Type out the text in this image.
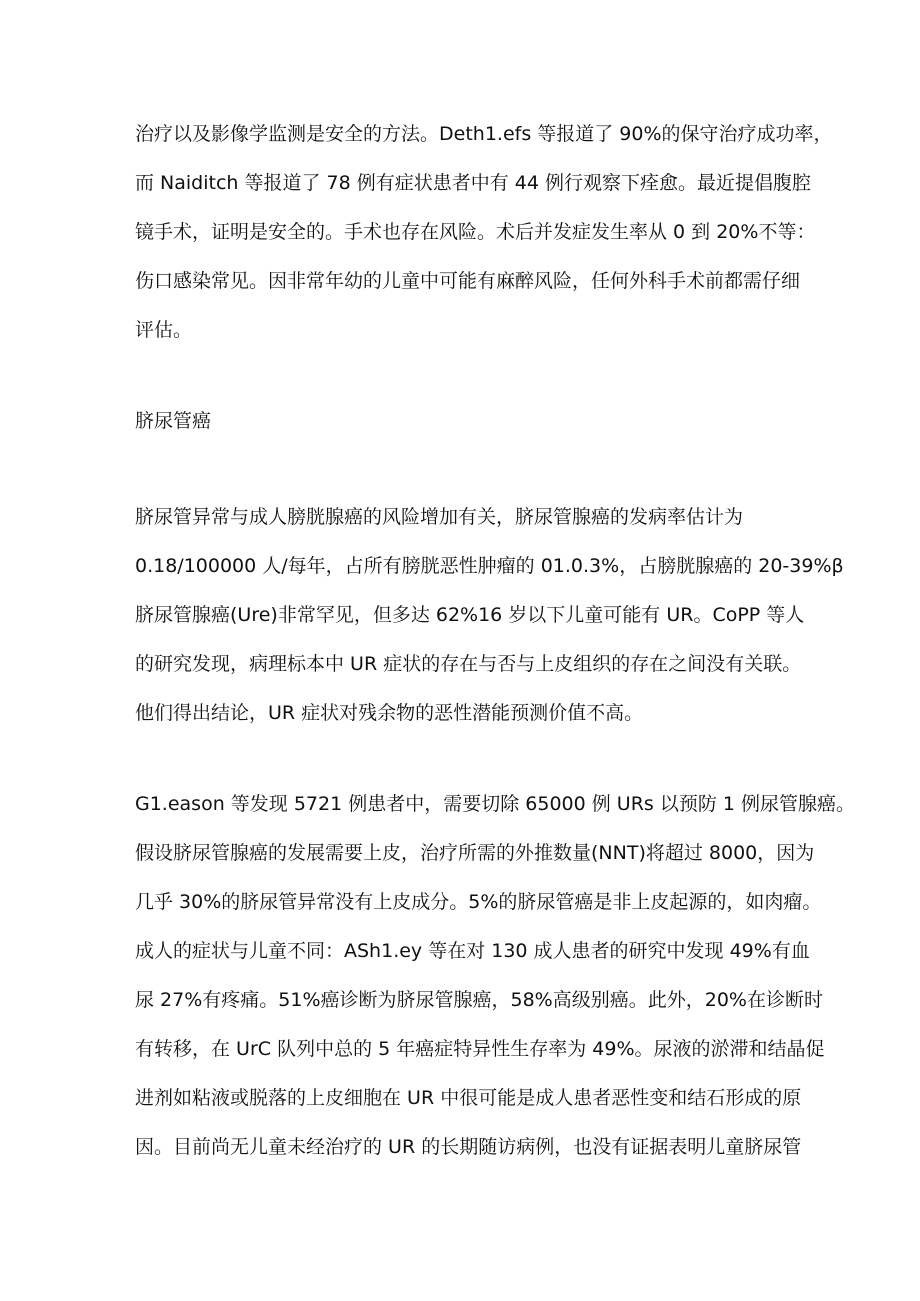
治疗以及影像学监测是安全的方法。Deth1.efs 等报道了 90%的保守治疗成功率，
而 Naiditch 等报道了 78 例有症状患者中有 44 例行观察下痊愈。最近提倡腹腔
镜手术，证明是安全的。手术也存在风险。术后并发症发生率从 0 到 20%不等：
伤口感染常见。因非常年幼的儿童中可能有麻醉风险，任何外科手术前都需仔细
评估。
脐尿管癌
脐尿管异常与成人膀胱腺癌的风险增加有关，脐尿管腺癌的发病率估计为
0.18/100000 人/每年，占所有膀胱恶性肿瘤的 01.0.3%，占膀胱腺癌的 20-39%β
脐尿管腺癌(Ure)非常罕见，但多达 62%16 岁以下儿童可能有 UR。CoPP 等人
的研究发现，病理标本中 UR 症状的存在与否与上皮组织的存在之间没有关联。
他们得出结论，UR 症状对残余物的恶性潜能预测价值不高。
G1.eason 等发现 5721 例患者中，需要切除 65000 例 URs 以预防 1 例尿管腺癌。
假设脐尿管腺癌的发展需要上皮，治疗所需的外推数量(NNT)将超过 8000，因为
几乎 30%的脐尿管异常没有上皮成分。5%的脐尿管癌是非上皮起源的，如肉瘤。
成人的症状与儿童不同：ASh1.ey 等在对 130 成人患者的研究中发现 49%有血
尿 27%有疼痛。51%癌诊断为脐尿管腺癌，58%高级别癌。此外，20%在诊断时
有转移，在 UrC 队列中总的 5 年癌症特异性生存率为 49%。尿液的淤滞和结晶促
进剂如粘液或脱落的上皮细胞在 UR 中很可能是成人患者恶性变和结石形成的原
因。目前尚无儿童未经治疗的 UR 的长期随访病例，也没有证据表明儿童脐尿管
